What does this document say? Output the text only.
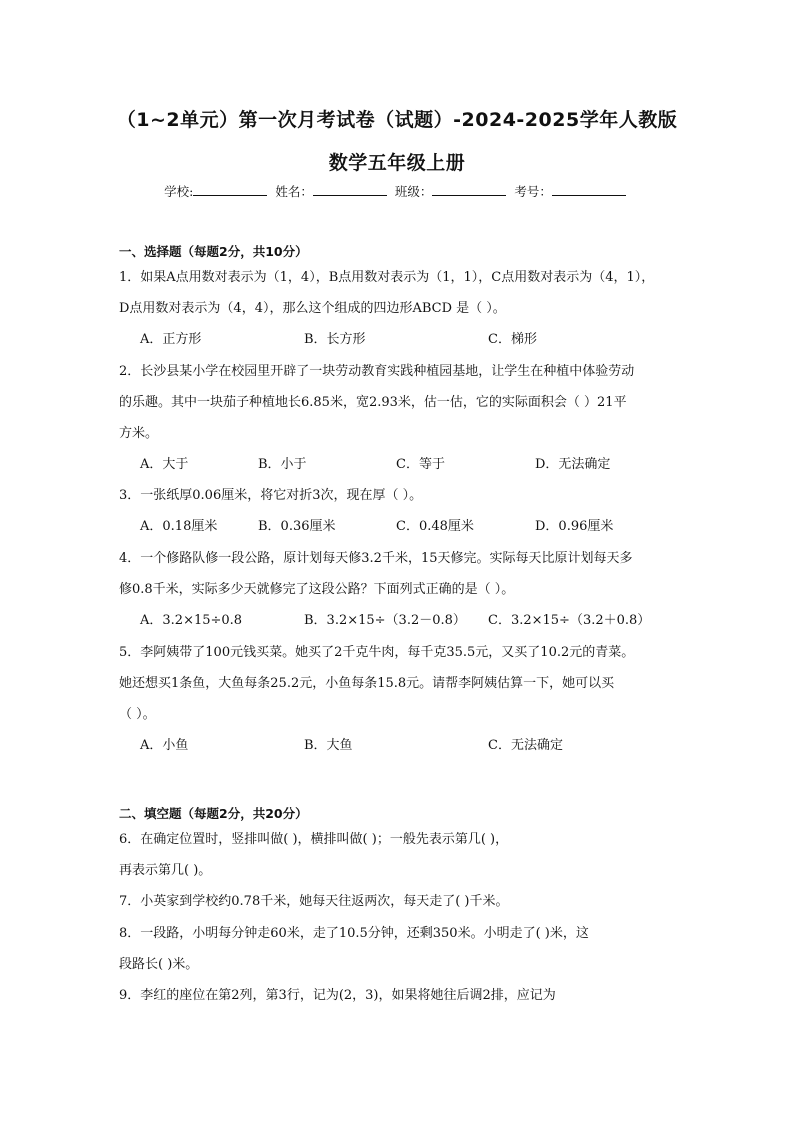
（1~2单元）第一次月考试卷（试题）-2024-2025学年人教版
数学五年级上册
学校:	姓名：	班级：	考号：
一、选择题（每题2分，共10分）
1．如果A点用数对表示为（1，4），B点用数对表示为（1，1），C点用数对表示为（4，1），
D点用数对表示为（4，4），那么这个组成的四边形ABCD 是（ ）。
A．正方形	B．长方形	C．梯形
2．长沙县某小学在校园里开辟了一块劳动教育实践种植园基地，让学生在种植中体验劳动
的乐趣。其中一块茄子种植地长6.85米，宽2.93米，估一估，它的实际面积会（ ）21平
方米。
A．大于	B．小于	C．等于	D．无法确定
3．一张纸厚0.06厘米，将它对折3次，现在厚（ ）。
A．0.18厘米	B．0.36厘米	C．0.48厘米	D．0.96厘米
4．一个修路队修一段公路，原计划每天修3.2千米，15天修完。实际每天比原计划每天多
修0.8千米，实际多少天就修完了这段公路？下面列式正确的是（ ）。
A．3.2×15÷0.8	B．3.2×15÷（3.2－0.8） C．3.2×15÷（3.2＋0.8）
5．李阿姨带了100元钱买菜。她买了2千克牛肉，每千克35.5元，又买了10.2元的青菜。
她还想买1条鱼，大鱼每条25.2元，小鱼每条15.8元。请帮李阿姨估算一下，她可以买
（ ）。
A．小鱼	B．大鱼	C．无法确定
二、填空题（每题2分，共20分）
6．在确定位置时，竖排叫做( )，横排叫做( )；一般先表示第几( )，
再表示第几( )。
7．小英家到学校约0.78千米，她每天往返两次，每天走了( )千米。
8．一段路，小明每分钟走60米，走了10.5分钟，还剩350米。小明走了( )米，这
段路长( )米。
9．李红的座位在第2列，第3行，记为(2，3)，如果将她往后调2排，应记为
